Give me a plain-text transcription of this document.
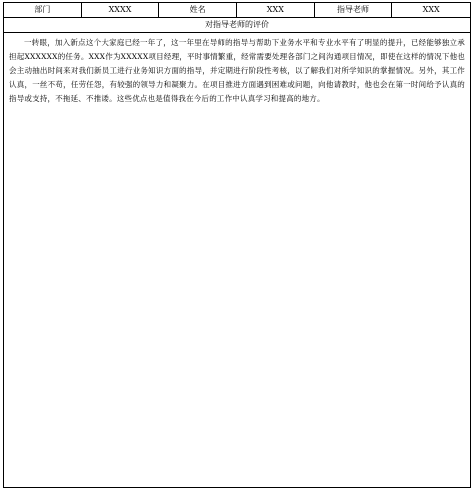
部门	XXXX	姓名	XXX	指导老师	XXX
对指导老师的评价
一转眼，加入新点这个大家庭已经一年了，这一年里在导师的指导与帮助下业务水平和专业水平有了明显的提升，已经能够独立承担起XXXXXX的任务。XXX作为XXXXX项目经理，平时事情繁重，经常需要处理各部门之间沟通项目情况，即使在这样的情况下他也会主动抽出时间来对我们新员工进行业务知识方面的指导，并定期进行阶段性考核，以了解我们对所学知识的掌握情况。另外，其工作认真，一丝不苟，任劳任怨，有较强的领导力和凝聚力。在项目推进方面遇到困难或问题，向他请教时，他也会在第一时间给予认真的指导或支持，不拖延、不推诿。这些优点也是值得我在今后的工作中认真学习和提高的地方。
